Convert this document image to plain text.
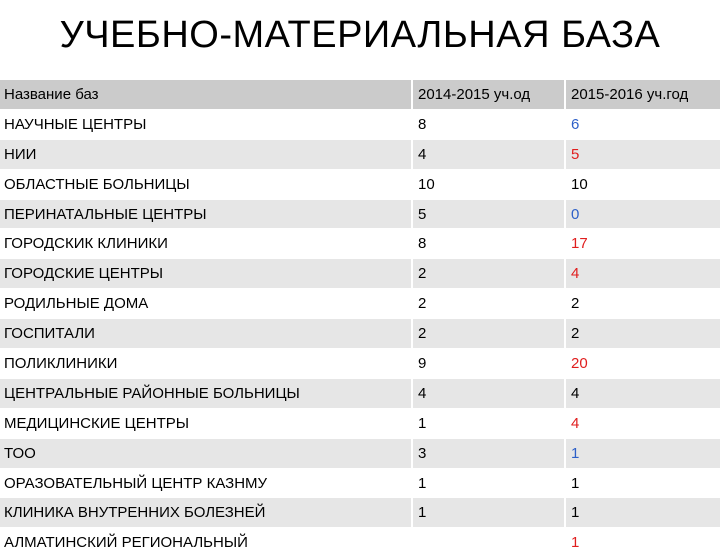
УЧЕБНО-МАТЕРИАЛЬНАЯ БАЗА
Название баз	2014-2015 уч.од	2015-2016 уч.год
НАУЧНЫЕ ЦЕНТРЫ	8	6
НИИ	4	5
ОБЛАСТНЫЕ БОЛЬНИЦЫ	10	10
ПЕРИНАТАЛЬНЫЕ ЦЕНТРЫ	5	0
ГОРОДСКИК КЛИНИКИ	8	17
ГОРОДСКИЕ ЦЕНТРЫ	2	4
РОДИЛЬНЫЕ ДОМА	2	2
ГОСПИТАЛИ	2	2
ПОЛИКЛИНИКИ	9	20
ЦЕНТРАЛЬНЫЕ РАЙОННЫЕ БОЛЬНИЦЫ	4	4
МЕДИЦИНСКИЕ ЦЕНТРЫ	1	4
ТОО	3	1
ОРАЗОВАТЕЛЬНЫЙ ЦЕНТР КАЗНМУ	1	1
КЛИНИКА ВНУТРЕННИХ БОЛЕЗНЕЙ	1	1
АЛМАТИНСКИЙ РЕГИОНАЛЬНЫЙ		1
